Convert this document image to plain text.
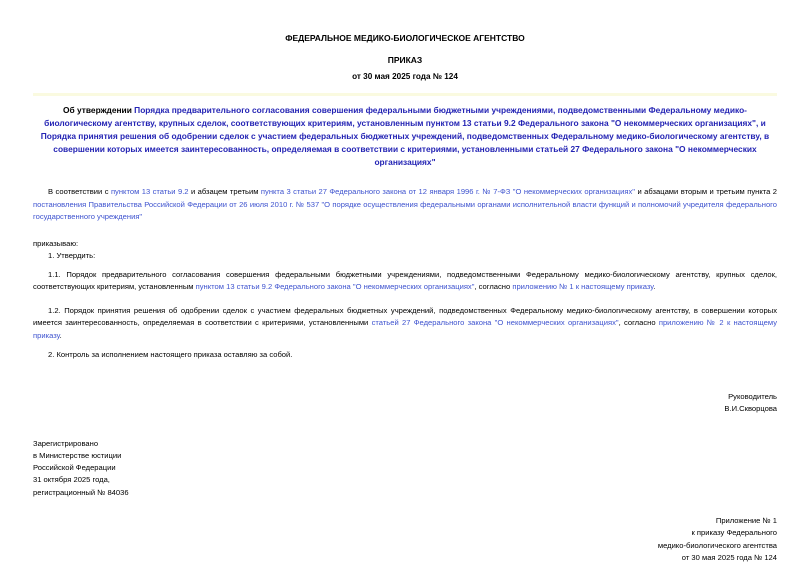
ФЕДЕРАЛЬНОЕ МЕДИКО-БИОЛОГИЧЕСКОЕ АГЕНТСТВО
ПРИКАЗ
от 30 мая 2025 года № 124
Об утверждении Порядка предварительного согласования совершения федеральными бюджетными учреждениями, подведомственными Федеральному медико-биологическому агентству, крупных сделок, соответствующих критериям, установленным пунктом 13 статьи 9.2 Федерального закона "О некоммерческих организациях", и Порядка принятия решения об одобрении сделок с участием федеральных бюджетных учреждений, подведомственных Федеральному медико-биологическому агентству, в совершении которых имеется заинтересованность, определяемая в соответствии с критериями, установленными статьей 27 Федерального закона "О некоммерческих организациях"
В соответствии с пунктом 13 статьи 9.2 и абзацем третьим пункта 3 статьи 27 Федерального закона от 12 января 1996 г. № 7-ФЗ "О некоммерческих организациях" и абзацами вторым и третьим пункта 2 постановления Правительства Российской Федерации от 26 июля 2010 г. № 537 "О порядке осуществления федеральными органами исполнительной власти функций и полномочий учредителя федерального государственного учреждения"
приказываю:
1. Утвердить:
1.1. Порядок предварительного согласования совершения федеральными бюджетными учреждениями, подведомственными Федеральному медико-биологическому агентству, крупных сделок, соответствующих критериям, установленным пунктом 13 статьи 9.2 Федерального закона "О некоммерческих организациях", согласно приложению № 1 к настоящему приказу.
1.2. Порядок принятия решения об одобрении сделок с участием федеральных бюджетных учреждений, подведомственных Федеральному медико-биологическому агентству, в совершении которых имеется заинтересованность, определяемая в соответствии с критериями, установленными статьей 27 Федерального закона "О некоммерческих организациях", согласно приложению № 2 к настоящему приказу.
2. Контроль за исполнением настоящего приказа оставляю за собой.
Руководитель
В.И.Скворцова
Зарегистрировано
в Министерстве юстиции
Российской Федерации
31 октября 2025 года,
регистрационный № 84036
Приложение № 1
к приказу Федерального
медико-биологического агентства
от 30 мая 2025 года № 124
